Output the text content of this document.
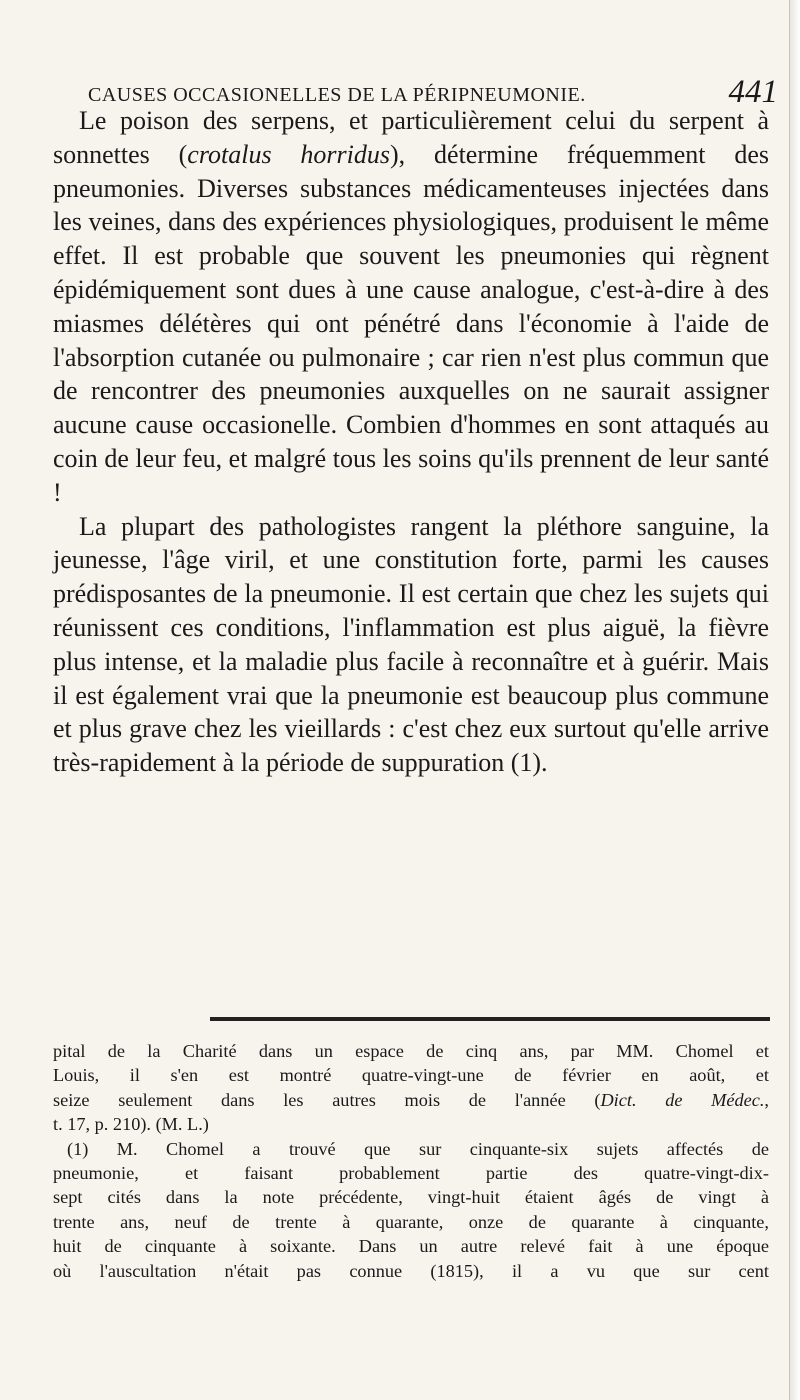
CAUSES OCCASIONELLES DE LA PÉRIPNEUMONIE.	441

Le poison des serpens, et particulièrement celui du serpent à sonnettes (crotalus horridus), détermine fréquemment des pneumonies. Diverses substances médicamenteuses injectées dans les veines, dans des expériences physiologiques, produisent le même effet. Il est probable que souvent les pneumonies qui règnent épidémiquement sont dues à une cause analogue, c'est-à-dire à des miasmes délétères qui ont pénétré dans l'économie à l'aide de l'absorption cutanée ou pulmonaire ; car rien n'est plus commun que de rencontrer des pneumonies auxquelles on ne saurait assigner aucune cause occasionelle. Combien d'hommes en sont attaqués au coin de leur feu, et malgré tous les soins qu'ils prennent de leur santé !

La plupart des pathologistes rangent la pléthore sanguine, la jeunesse, l'âge viril, et une constitution forte, parmi les causes prédisposantes de la pneumonie. Il est certain que chez les sujets qui réunissent ces conditions, l'inflammation est plus aiguë, la fièvre plus intense, et la maladie plus facile à reconnaître et à guérir. Mais il est également vrai que la pneumonie est beaucoup plus commune et plus grave chez les vieillards : c'est chez eux surtout qu'elle arrive très-rapidement à la période de suppuration (1).

pital de la Charité dans un espace de cinq ans, par MM. Chomel et
Louis, il s'en est montré quatre-vingt-une de février en août, et
seize seulement dans les autres mois de l'année (Dict. de Médec.,
t. 17, p. 210). (M. L.)
(1) M. Chomel a trouvé que sur cinquante-six sujets affectés de
pneumonie, et faisant probablement partie des quatre-vingt-dix-
sept cités dans la note précédente, vingt-huit étaient âgés de vingt à
trente ans, neuf de trente à quarante, onze de quarante à cinquante,
huit de cinquante à soixante. Dans un autre relevé fait à une époque
où l'auscultation n'était pas connue (1815), il a vu que sur cent
